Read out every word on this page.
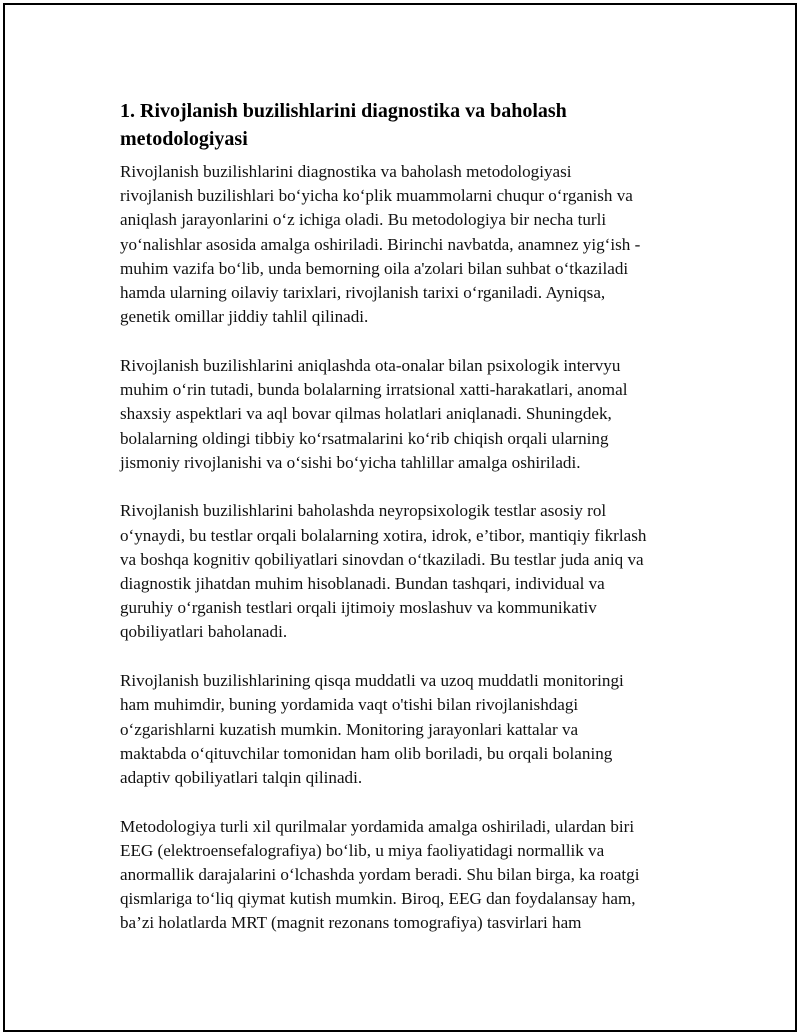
1. Rivojlanish buzilishlarini diagnostika va baholash
metodologiyasi

Rivojlanish buzilishlarini diagnostika va baholash metodologiyasi
rivojlanish buzilishlari bo‘yicha ko‘plik muammolarni chuqur o‘rganish va
aniqlash jarayonlarini o‘z ichiga oladi. Bu metodologiya bir necha turli
yo‘nalishlar asosida amalga oshiriladi. Birinchi navbatda, anamnez yig‘ish -
muhim vazifa bo‘lib, unda bemorning oila a'zolari bilan suhbat o‘tkaziladi
hamda ularning oilaviy tarixlari, rivojlanish tarixi o‘rganiladi. Ayniqsa,
genetik omillar jiddiy tahlil qilinadi.

Rivojlanish buzilishlarini aniqlashda ota-onalar bilan psixologik intervyu
muhim o‘rin tutadi, bunda bolalarning irratsional xatti-harakatlari, anomal
shaxsiy aspektlari va aql bovar qilmas holatlari aniqlanadi. Shuningdek,
bolalarning oldingi tibbiy ko‘rsatmalarini ko‘rib chiqish orqali ularning
jismoniy rivojlanishi va o‘sishi bo‘yicha tahlillar amalga oshiriladi.

Rivojlanish buzilishlarini baholashda neyropsixologik testlar asosiy rol
o‘ynaydi, bu testlar orqali bolalarning xotira, idrok, e’tibor, mantiqiy fikrlash
va boshqa kognitiv qobiliyatlari sinovdan o‘tkaziladi. Bu testlar juda aniq va
diagnostik jihatdan muhim hisoblanadi. Bundan tashqari, individual va
guruhiy o‘rganish testlari orqali ijtimoiy moslashuv va kommunikativ
qobiliyatlari baholanadi.

Rivojlanish buzilishlarining qisqa muddatli va uzoq muddatli monitoringi
ham muhimdir, buning yordamida vaqt o'tishi bilan rivojlanishdagi
o‘zgarishlarni kuzatish mumkin. Monitoring jarayonlari kattalar va
maktabda o‘qituvchilar tomonidan ham olib boriladi, bu orqali bolaning
adaptiv qobiliyatlari talqin qilinadi.

Metodologiya turli xil qurilmalar yordamida amalga oshiriladi, ulardan biri
EEG (elektroensefalografiya) bo‘lib, u miya faoliyatidagi normallik va
anormallik darajalarini o‘lchashda yordam beradi. Shu bilan birga, ka roatgi
qismlariga to‘liq qiymat kutish mumkin. Biroq, EEG dan foydalansay ham,
ba’zi holatlarda MRT (magnit rezonans tomografiya) tasvirlari ham
